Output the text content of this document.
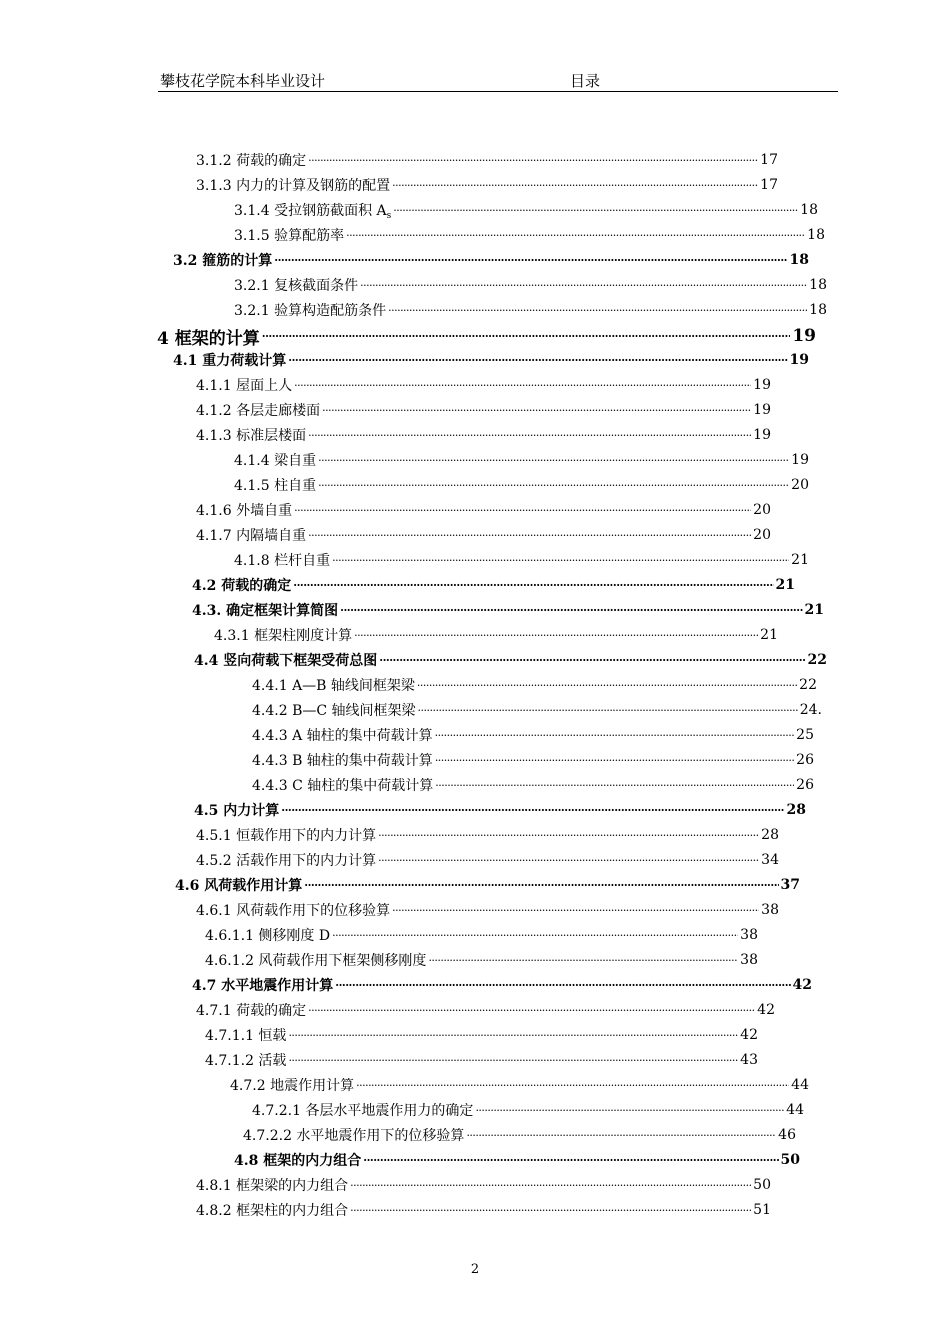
攀枝花学院本科毕业设计	目录
3.1.2 荷载的确定 ·····	17
3.1.3 内力的计算及钢筋的配置 ·····	17
3.1.4 受拉钢筋截面积 $A_s$ ·····	18
3.1.5 验算配筋率 ·····	18
3.2 箍筋的计算 ·····	18
3.2.1 复核截面条件 ·····	18
3.2.1 验算构造配筋条件 ·····	18
4 框架的计算 ·····	19
4.1 重力荷载计算 ·····	19
4.1.1 屋面上人 ·····	19
4.1.2 各层走廊楼面 ·····	19
4.1.3 标准层楼面 ·····	19
4.1.4 梁自重 ·····	19
4.1.5 柱自重 ·····	20
4.1.6 外墙自重 ·····	20
4.1.7 内隔墙自重 ·····	20
4.1.8 栏杆自重 ·····	21
4.2 荷载的确定 ·····	21
4.3. 确定框架计算简图 ·····	21
4.3.1 框架柱刚度计算 ·····	21
4.4 竖向荷载下框架受荷总图 ·····	22
4.4.1 A—B 轴线间框架梁 ·····	22
4.4.2 B—C 轴线间框架梁 ·····	24.
4.4.3 A 轴柱的集中荷载计算 ·····	25
4.4.3 B 轴柱的集中荷载计算 ·····	26
4.4.3 C 轴柱的集中荷载计算 ·····	26
4.5 内力计算 ·····	28
4.5.1 恒载作用下的内力计算 ·····	28
4.5.2 活载作用下的内力计算 ·····	34
4.6 风荷载作用计算 ·····	37
4.6.1 风荷载作用下的位移验算 ·····	38
4.6.1.1 侧移刚度 D ·····	38
4.6.1.2 风荷载作用下框架侧移刚度 ·····	38
4.7 水平地震作用计算 ·····	42
4.7.1 荷载的确定 ·····	42
4.7.1.1 恒载 ·····	42
4.7.1.2 活载 ·····	43
4.7.2 地震作用计算 ·····	44
4.7.2.1 各层水平地震作用力的确定 ·····	44
4.7.2.2 水平地震作用下的位移验算 ·····	46
4.8 框架的内力组合 ·····	50
4.8.1 框架梁的内力组合 ·····	50
4.8.2 框架柱的内力组合 ·····	51
2
